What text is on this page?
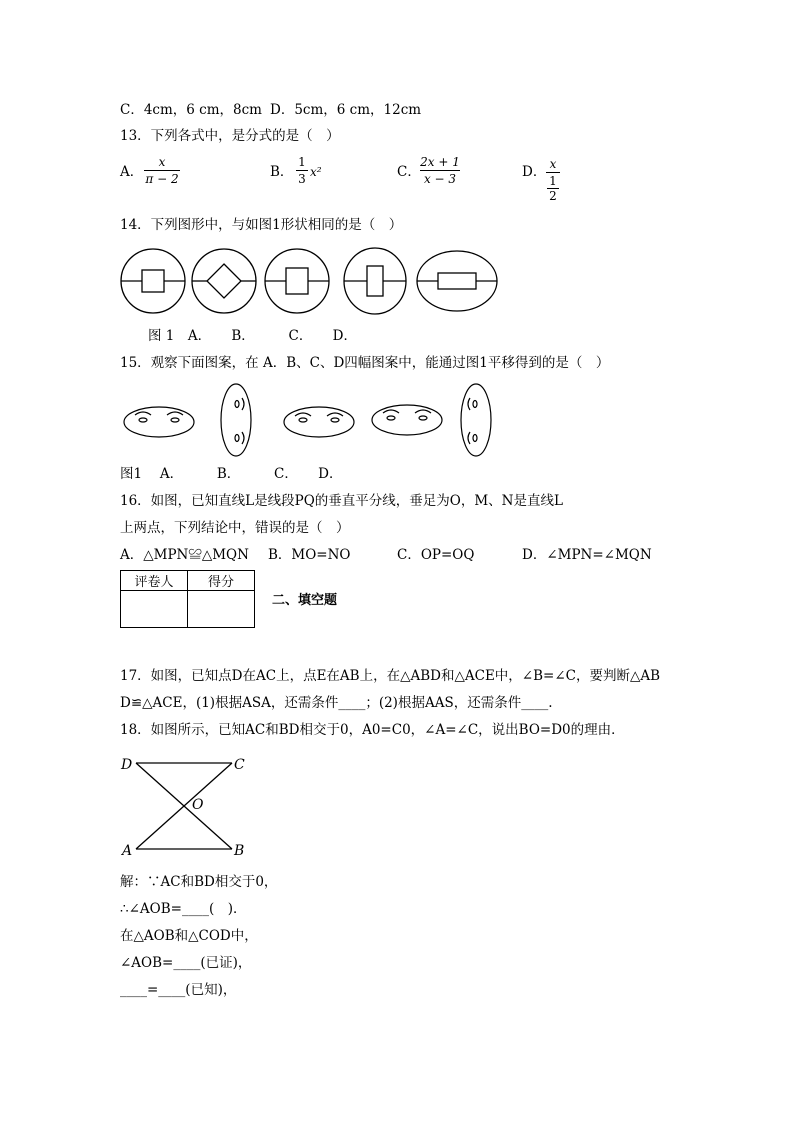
C．4cm，6 cm，8cm D．5cm，6 cm，12cm
13．下列各式中，是分式的是（　）
A．
x
π − 2	B．
1
3 x²	C．
2x + 1
x − 3	D． x
1
2
14．下列图形中，与如图1形状相同的是（　）
图 1　A．　　B．　　　C．　　D．
15．观察下面图案，在 A．B、C、D四幅图案中，能通过图1平移得到的是（　）
图1　 A．　　　B．　　　C．　　D．
16．如图，已知直线L是线段PQ的垂直平分线，垂足为O，M、N是直线L
上两点，下列结论中，错误的是（　）
A．△MPN≌△MQN B．MO=NO	C．OP=OQ	D．∠MPN=∠MQN
评卷人	得分

二、填空题
17．如图，已知点D在AC上，点E在AB上，在△ABD和△ACE中，∠B=∠C，要判断△AB
D≌△ACE，(1)根据ASA，还需条件____；(2)根据AAS，还需条件____.
18．如图所示，已知AC和BD相交于0，A0=C0，∠A=∠C，说出BO=D0的理由．
D	C
O
A	B
解：∵AC和BD相交于0，
∴∠AOB=____(　)．
在△AOB和△COD中，
∠AOB=____(已证)，
____=____(已知)，
